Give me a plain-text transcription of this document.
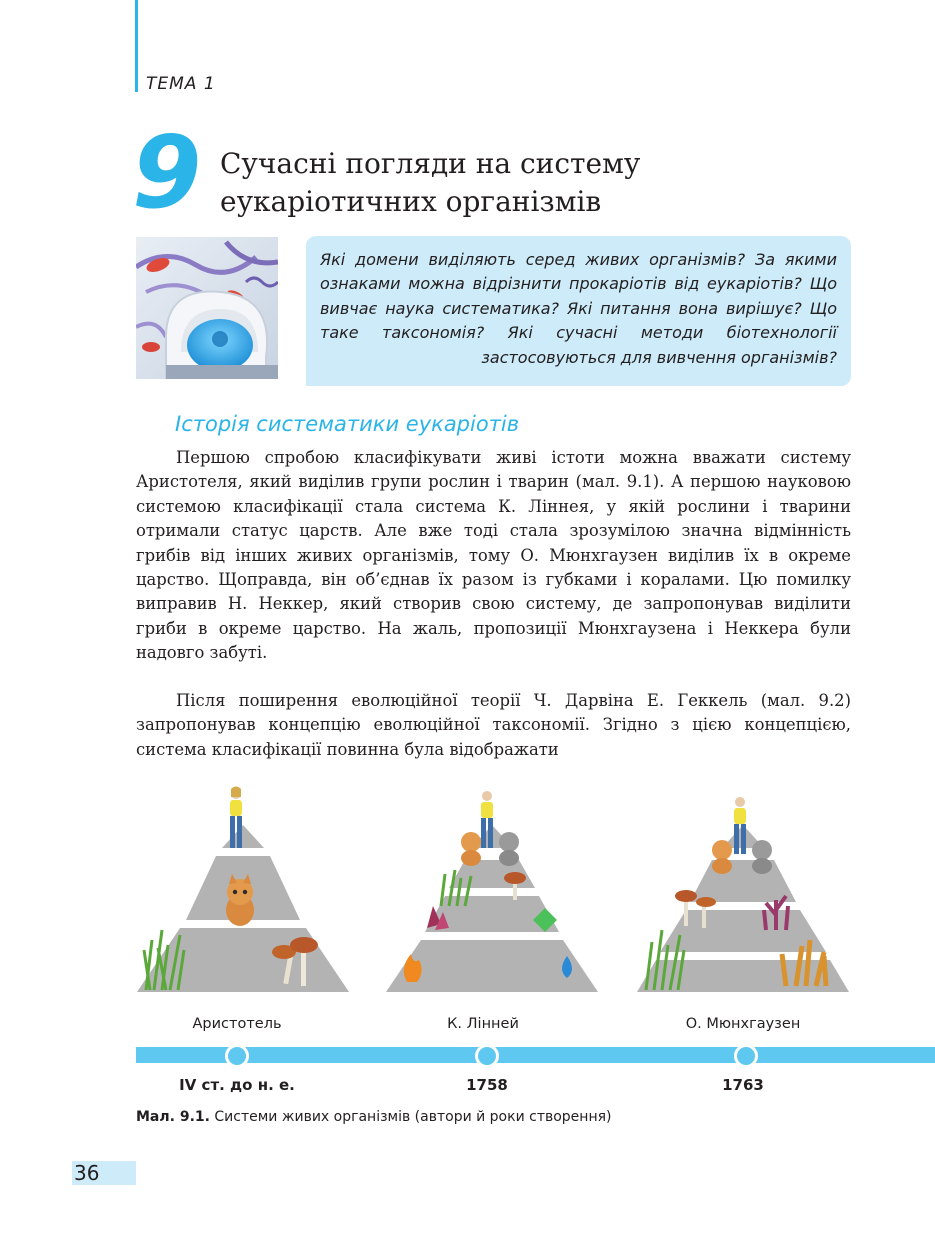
ТЕМА 1
9 Сучасні погляди на систему
еукаріотичних організмів

Які домени виділяють серед живих організмів? За якими ознаками можна відрізнити прокаріотів від еукаріотів? Що вивчає наука систематика? Які питання вона вирішує? Що таке таксономія? Які сучасні методи біотехнології застосовуються для вивчення організмів?

Історія систематики еукаріотів

Першою спробою класифікувати живі істоти можна вважати систему Аристотеля, який виділив групи рослин і тварин (мал. 9.1). А першою науковою системою класифікації стала система К. Ліннея, у якій рослини і тварини отримали статус царств. Але вже тоді стала зрозумілою значна відмінність грибів від інших живих організмів, тому О. Мюнхгаузен виділив їх в окреме царство. Щоправда, він об’єднав їх разом із губками і коралами. Цю помилку виправив Н. Неккер, який створив свою систему, де запропонував виділити гриби в окреме царство. На жаль, пропозиції Мюнхгаузена і Неккера були надовго забуті.

Після поширення еволюційної теорії Ч. Дарвіна Е. Геккель (мал. 9.2) запропонував концепцію еволюційної таксономії. Згідно з цією концепцією, система класифікації повинна була відображати

Аристотель	К. Лінней	О. Мюнхгаузен
IV ст. до н. е.	1758	1763
Мал. 9.1. Системи живих організмів (автори й роки створення)
36
